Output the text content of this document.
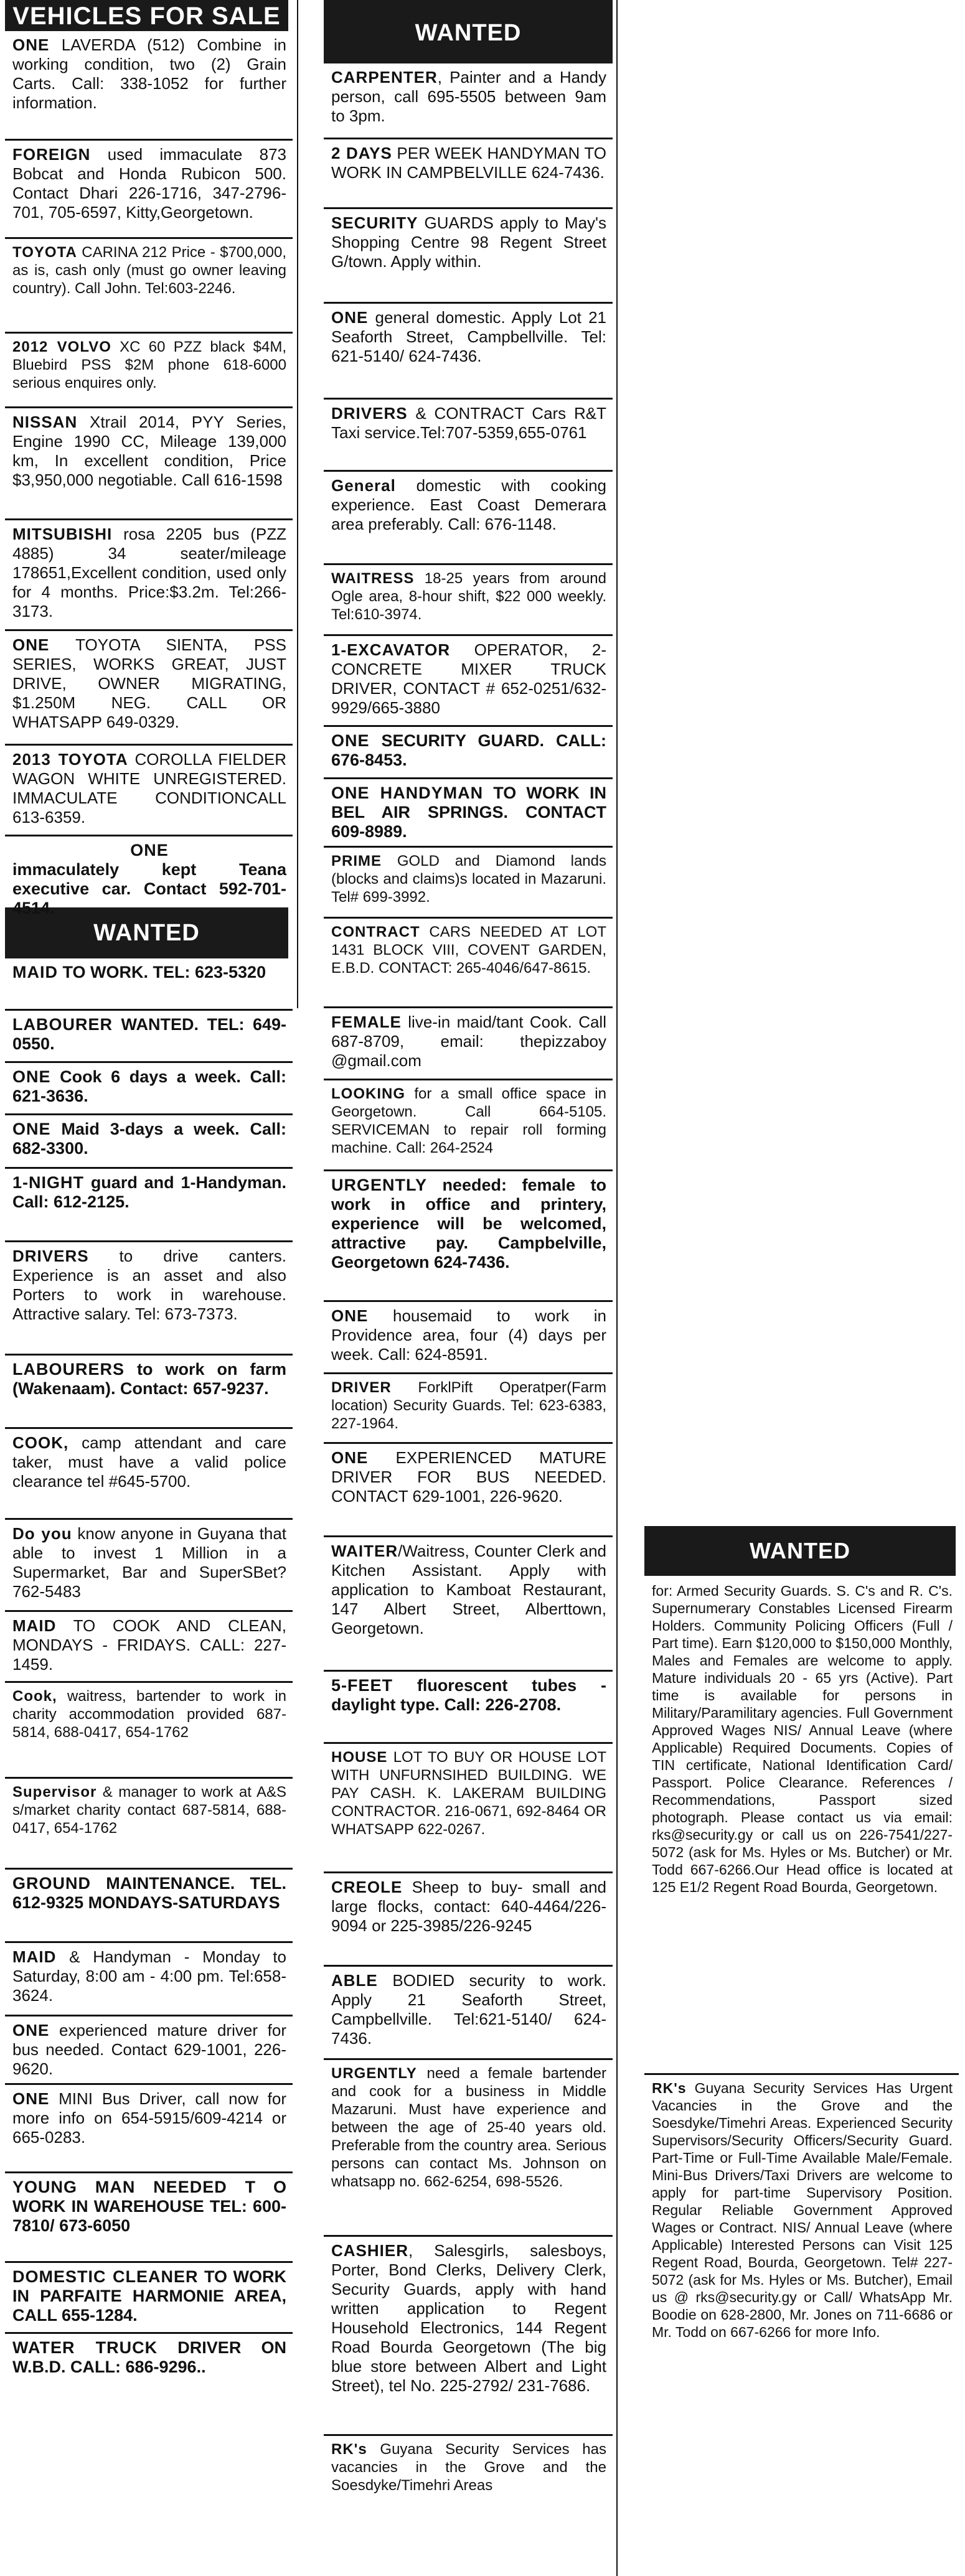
VEHICLES FOR SALE
ONE LAVERDA (512) Combine in working condition, two (2) Grain Carts. Call: 338-1052 for further information.
FOREIGN used immaculate 873 Bobcat and Honda Rubicon 500. Contact Dhari 226-1716, 347-2796-701, 705-6597, Kitty,Georgetown.
TOYOTA CARINA 212 Price - $700,000, as is, cash only (must go owner leaving country). Call John. Tel:603-2246.
2012 VOLVO XC 60 PZZ black $4M, Bluebird PSS $2M phone 618-6000 serious enquires only.
NISSAN Xtrail 2014, PYY Series, Engine 1990 CC, Mileage 139,000 km, In excellent condition, Price $3,950,000 negotiable. Call 616-1598
MITSUBISHI rosa 2205 bus (PZZ 4885) 34 seater/mileage 178651,Excellent condition, used only for 4 months. Price:$3.2m. Tel:266-3173.
ONE TOYOTA SIENTA, PSS SERIES, WORKS GREAT, JUST DRIVE, OWNER MIGRATING, $1.250M NEG. CALL OR WHATSAPP 649-0329.
2013 TOYOTA COROLLA FIELDER WAGON WHITE UNREGISTERED. IMMACULATE CONDITIONCALL 613-6359.
ONE
immaculately kept Teana executive car. Contact 592-701-4514.
WANTED
MAID TO WORK. TEL: 623-5320
LABOURER WANTED. TEL: 649-0550.
ONE Cook 6 days a week. Call: 621-3636.
ONE Maid 3-days a week. Call: 682-3300.
1-NIGHT guard and 1-Handyman. Call: 612-2125.
DRIVERS to drive canters. Experience is an asset and also Porters to work in warehouse. Attractive salary. Tel: 673-7373.
LABOURERS to work on farm (Wakenaam). Contact: 657-9237.
COOK, camp attendant and care taker, must have a valid police clearance tel #645-5700.
Do you know anyone in Guyana that able to invest 1 Million in a Supermarket, Bar and SuperSBet? 762-5483
MAID TO COOK AND CLEAN, MONDAYS - FRIDAYS. CALL: 227-1459.
Cook, waitress, bartender to work in charity accommodation provided 687-5814, 688-0417, 654-1762
Supervisor & manager to work at A&S s/market charity contact 687-5814, 688-0417, 654-1762
GROUND MAINTENANCE. TEL. 612-9325 MONDAYS-SATURDAYS
MAID & Handyman - Monday to Saturday, 8:00 am - 4:00 pm. Tel:658-3624.
ONE experienced mature driver for bus needed. Contact 629-1001, 226-9620.
ONE MINI Bus Driver, call now for more info on 654-5915/609-4214 or 665-0283.
YOUNG MAN NEEDED T O WORK IN WAREHOUSE TEL: 600-7810/ 673-6050
DOMESTIC CLEANER TO WORK IN PARFAITE HARMONIE AREA, CALL 655-1284.
WATER TRUCK DRIVER ON W.B.D. CALL: 686-9296..
WANTED
CARPENTER, Painter and a Handy person, call 695-5505 between 9am to 3pm.
2 DAYS PER WEEK HANDYMAN TO WORK IN CAMPBELVILLE 624-7436.
SECURITY GUARDS apply to May's Shopping Centre 98 Regent Street G/town. Apply within.
ONE general domestic. Apply Lot 21 Seaforth Street, Campbellville. Tel: 621-5140/ 624-7436.
DRIVERS & CONTRACT Cars R&T Taxi service.Tel:707-5359,655-0761
General domestic with cooking experience. East Coast Demerara area preferably. Call: 676-1148.
WAITRESS 18-25 years from around Ogle area, 8-hour shift, $22 000 weekly. Tel:610-3974.
1-EXCAVATOR OPERATOR, 2- CONCRETE MIXER TRUCK DRIVER, CONTACT # 652-0251/632-9929/665-3880
ONE SECURITY GUARD. CALL: 676-8453.
ONE HANDYMAN TO WORK IN BEL AIR SPRINGS. CONTACT 609-8989.
PRIME GOLD and Diamond lands (blocks and claims)s located in Mazaruni. Tel# 699-3992.
CONTRACT CARS NEEDED AT LOT 1431 BLOCK VIII, COVENT GARDEN, E.B.D. CONTACT: 265-4046/647-8615.
FEMALE live-in maid/tant Cook. Call 687-8709, email: thepizzaboy @gmail.com
LOOKING for a small office space in Georgetown. Call 664-5105. SERVICEMAN to repair roll forming machine. Call: 264-2524
URGENTLY needed: female to work in office and printery, experience will be welcomed, attractive pay. Campbelville, Georgetown 624-7436.
ONE housemaid to work in Providence area, four (4) days per week. Call: 624-8591.
DRIVER ForklPift Operatper(Farm location) Security Guards. Tel: 623-6383, 227-1964.
ONE EXPERIENCED MATURE DRIVER FOR BUS NEEDED. CONTACT 629-1001, 226-9620.
WAITER/Waitress, Counter Clerk and Kitchen Assistant. Apply with application to Kamboat Restaurant, 147 Albert Street, Alberttown, Georgetown.
5-FEET fluorescent tubes - daylight type. Call: 226-2708.
HOUSE LOT TO BUY OR HOUSE LOT WITH UNFURNSIHED BUILDING. WE PAY CASH. K. LAKERAM BUILDING CONTRACTOR. 216-0671, 692-8464 OR WHATSAPP 622-0267.
CREOLE Sheep to buy- small and large flocks, contact: 640-4464/226-9094 or 225-3985/226-9245
ABLE BODIED security to work. Apply 21 Seaforth Street, Campbellville. Tel:621-5140/ 624-7436.
URGENTLY need a female bartender and cook for a business in Middle Mazaruni. Must have experience and between the age of 25-40 years old. Preferable from the country area. Serious persons can contact Ms. Johnson on whatsapp no. 662-6254, 698-5526.
CASHIER, Salesgirls, salesboys, Porter, Bond Clerks, Delivery Clerk, Security Guards, apply with hand written application to Regent Household Electronics, 144 Regent Road Bourda Georgetown (The big blue store between Albert and Light Street), tel No. 225-2792/ 231-7686.
RK's Guyana Security Services has vacancies in the Grove and the Soesdyke/Timehri Areas
WANTED
for: Armed Security Guards. S. C's and R. C's. Supernumerary Constables Licensed Firearm Holders. Community Policing Officers (Full / Part time). Earn $120,000 to $150,000 Monthly, Males and Females are welcome to apply. Mature individuals 20 - 65 yrs (Active). Part time is available for persons in Military/Paramilitary agencies. Full Government Approved Wages NIS/ Annual Leave (where Applicable) Required Documents. Copies of TIN certificate, National Identification Card/ Passport. Police Clearance. References / Recommendations, Passport sized photograph. Please contact us via email: rks@security.gy or call us on 226-7541/227-5072 (ask for Ms. Hyles or Ms. Butcher) or Mr. Todd 667-6266.Our Head office is located at 125 E1/2 Regent Road Bourda, Georgetown.
RK's Guyana Security Services Has Urgent Vacancies in the Grove and the Soesdyke/Timehri Areas. Experienced Security Supervisors/Security Officers/Security Guard. Part-Time or Full-Time Available Male/Female. Mini-Bus Drivers/Taxi Drivers are welcome to apply for part-time Supervisory Position. Regular Reliable Government Approved Wages or Contract. NIS/ Annual Leave (where Applicable) Interested Persons can Visit 125 Regent Road, Bourda, Georgetown. Tel# 227-5072 (ask for Ms. Hyles or Ms. Butcher), Email us @ rks@security.gy or Call/ WhatsApp Mr. Boodie on 628-2800, Mr. Jones on 711-6686 or Mr. Todd on 667-6266 for more Info.
